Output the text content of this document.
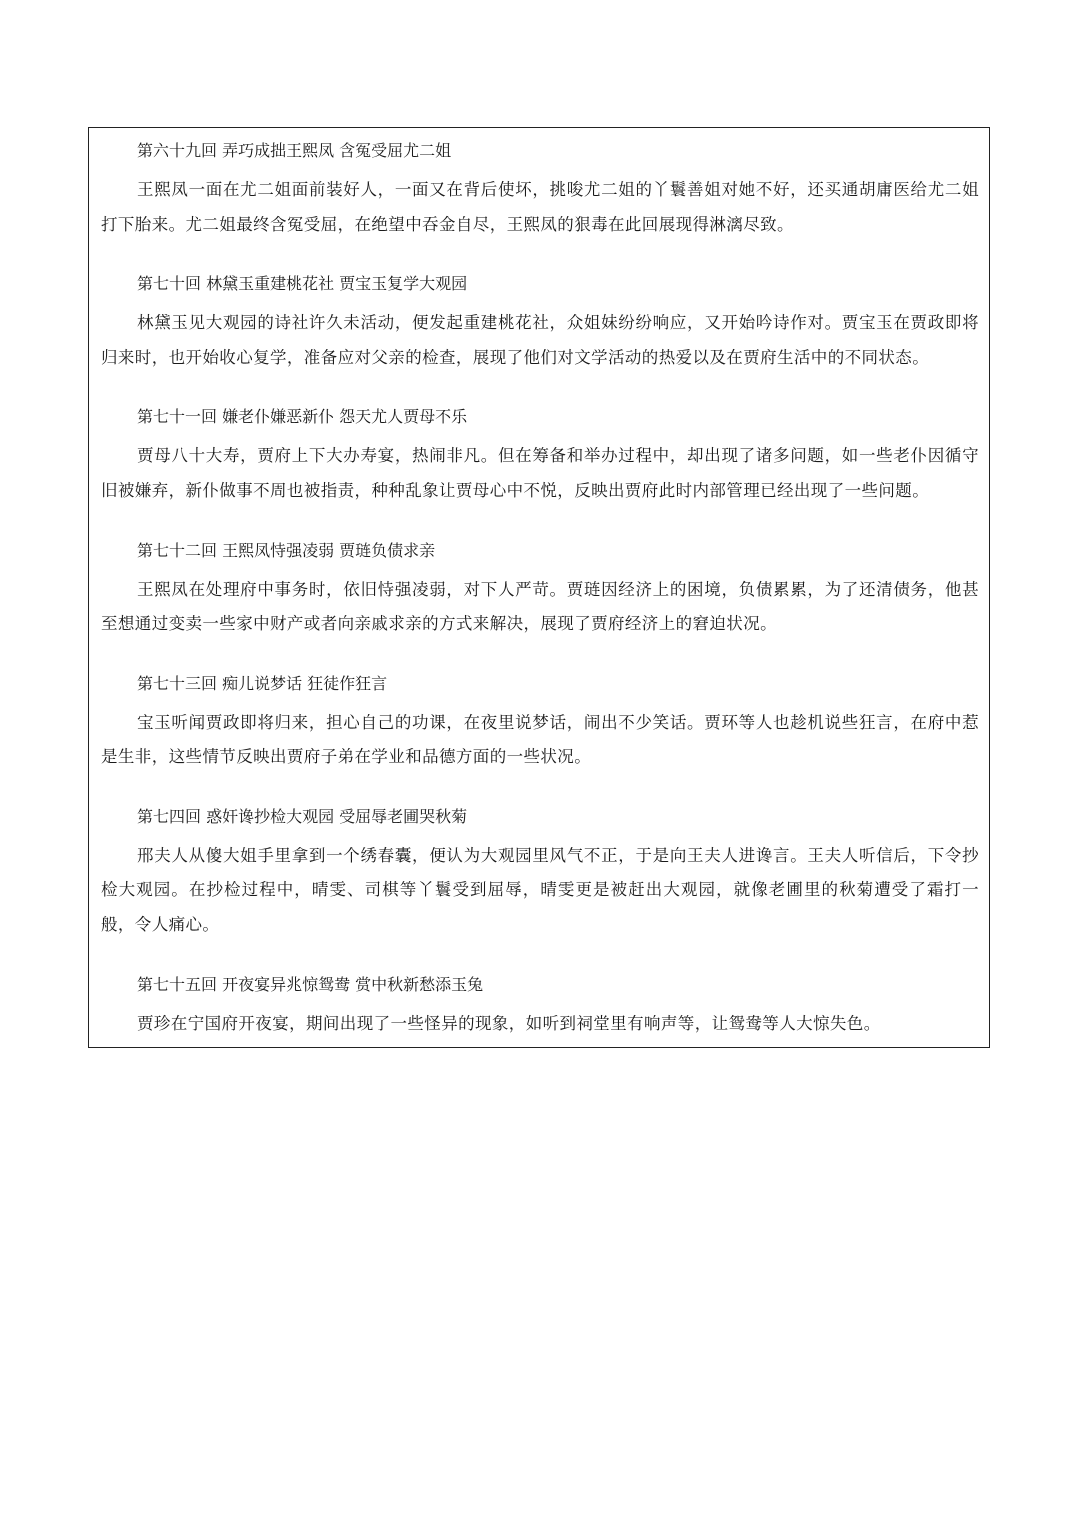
第六十九回 弄巧成拙王熙凤 含冤受屈尤二姐
王熙凤一面在尤二姐面前装好人，一面又在背后使坏，挑唆尤二姐的丫鬟善姐对她不好，还买通胡庸医给尤二姐打下胎来。尤二姐最终含冤受屈，在绝望中吞金自尽，王熙凤的狠毒在此回展现得淋漓尽致。
第七十回 林黛玉重建桃花社 贾宝玉复学大观园
林黛玉见大观园的诗社许久未活动，便发起重建桃花社，众姐妹纷纷响应，又开始吟诗作对。贾宝玉在贾政即将归来时，也开始收心复学，准备应对父亲的检查，展现了他们对文学活动的热爱以及在贾府生活中的不同状态。
第七十一回 嫌老仆嫌恶新仆 怨天尤人贾母不乐
贾母八十大寿，贾府上下大办寿宴，热闹非凡。但在筹备和举办过程中，却出现了诸多问题，如一些老仆因循守旧被嫌弃，新仆做事不周也被指责，种种乱象让贾母心中不悦，反映出贾府此时内部管理已经出现了一些问题。
第七十二回 王熙凤恃强凌弱 贾琏负债求亲
王熙凤在处理府中事务时，依旧恃强凌弱，对下人严苛。贾琏因经济上的困境，负债累累，为了还清债务，他甚至想通过变卖一些家中财产或者向亲戚求亲的方式来解决，展现了贾府经济上的窘迫状况。
第七十三回 痴儿说梦话 狂徒作狂言
宝玉听闻贾政即将归来，担心自己的功课，在夜里说梦话，闹出不少笑话。贾环等人也趁机说些狂言，在府中惹是生非，这些情节反映出贾府子弟在学业和品德方面的一些状况。
第七四回 惑奸谗抄检大观园 受屈辱老圃哭秋菊
邢夫人从傻大姐手里拿到一个绣春囊，便认为大观园里风气不正，于是向王夫人进谗言。王夫人听信后，下令抄检大观园。在抄检过程中，晴雯、司棋等丫鬟受到屈辱，晴雯更是被赶出大观园，就像老圃里的秋菊遭受了霜打一般，令人痛心。
第七十五回 开夜宴异兆惊鸳鸯 赏中秋新愁添玉兔
贾珍在宁国府开夜宴，期间出现了一些怪异的现象，如听到祠堂里有响声等，让鸳鸯等人大惊失色。
